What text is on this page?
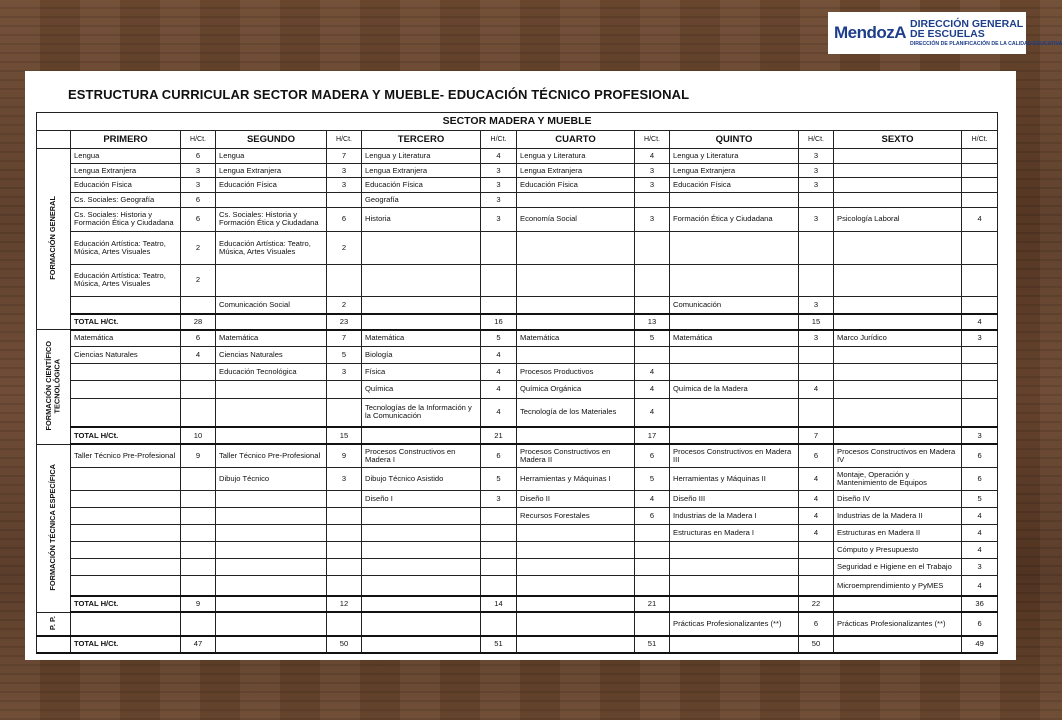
MendozA DIRECCIÓN GENERAL
DE ESCUELAS
DIRECCIÓN DE PLANIFICACIÓN DE LA CALIDAD EDUCATIVA
ESTRUCTURA CURRICULAR SECTOR MADERA Y MUEBLE- EDUCACIÓN TÉCNICO PROFESIONAL
SECTOR MADERA Y MUEBLE												
	PRIMERO	H/Ct.	SEGUNDO	H/Ct.	TERCERO	H/Ct.	CUARTO	H/Ct.	QUINTO	H/Ct.	SEXTO	H/Ct.
FORMACIÓN GENERAL	Lengua	6	Lengua	7	Lengua y Literatura	4	Lengua y Literatura	4	Lengua y Literatura	3		
	Lengua Extranjera	3	Lengua Extranjera	3	Lengua Extranjera	3	Lengua Extranjera	3	Lengua Extranjera	3		
	Educación Física	3	Educación Física	3	Educación Física	3	Educación Física	3	Educación Física	3		
	Cs. Sociales: Geografía	6			Geografía	3						
	Cs. Sociales: Historia y Formación Ética y Ciudadana	6	Cs. Sociales: Historia y Formación Ética y Ciudadana	6	Historia	3	Economía Social	3	Formación Ética y Ciudadana	3	Psicología Laboral	4
	Educación Artística: Teatro, Música, Artes Visuales	2	Educación Artística: Teatro, Música, Artes Visuales	2								
	Educación Artística: Teatro, Música, Artes Visuales	2										
			Comunicación Social	2					Comunicación	3		
	TOTAL H/Ct.	28		23		16		13		15		4
FORMACIÓN CIENTÍFICO
TECNOLÓGICA	Matemática	6	Matemática	7	Matemática	5	Matemática	5	Matemática	3	Marco Jurídico	3
	Ciencias Naturales	4	Ciencias Naturales	5	Biología	4						
			Educación Tecnológica	3	Física	4	Procesos Productivos	4				
					Química	4	Química Orgánica	4	Química de la Madera	4		
					Tecnologías de la Información y la Comunicación	4	Tecnología de los Materiales	4				
	TOTAL H/Ct.	10		15		21		17		7		3
FORMACIÓN TÉCNICA ESPECÍFICA	Taller Técnico Pre-Profesional	9	Taller Técnico Pre-Profesional	9	Procesos Constructivos en Madera I	6	Procesos Constructivos en Madera II	6	Procesos Constructivos en Madera III	6	Procesos Constructivos en Madera IV	6
			Dibujo Técnico	3	Dibujo Técnico Asistido	5	Herramientas y Máquinas I	5	Herramientas y Máquinas II	4	Montaje, Operación y Mantenimiento de Equipos	6
					Diseño I	3	Diseño II	4	Diseño III	4	Diseño IV	5
							Recursos Forestales	6	Industrias de la Madera I	4	Industrias de la Madera II	4
									Estructuras en Madera I	4	Estructuras en Madera II	4
											Cómputo y Presupuesto	4
											Seguridad e Higiene en el Trabajo	3
											Microemprendimiento y PyMES	4
	TOTAL H/Ct.	9		12		14		21		22		36
P. P.									Prácticas Profesionalizantes (**)	6	Prácticas Profesionalizantes (**)	6
	TOTAL H/Ct.	47		50		51		51		50		49
